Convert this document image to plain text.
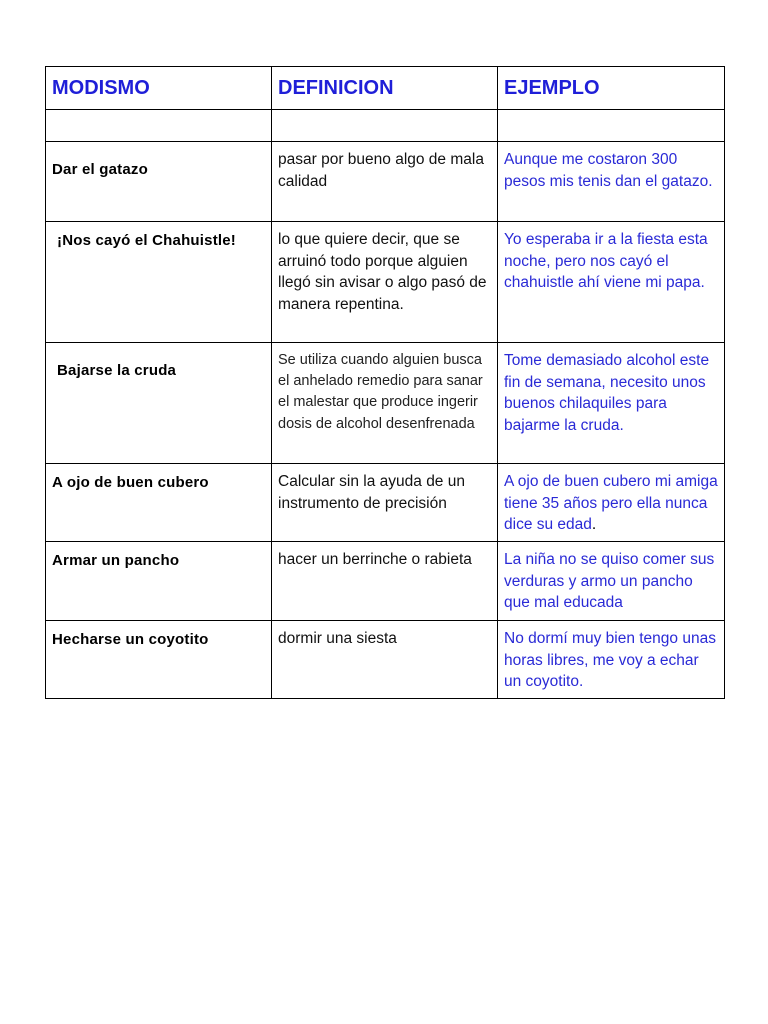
MODISMO	DEFINICION	EJEMPLO

Dar el gatazo	pasar por bueno algo de mala calidad	Aunque me costaron 300 pesos mis tenis dan el gatazo.

¡Nos cayó el Chahuistle!	lo que quiere decir, que se arruinó todo porque alguien llegó sin avisar o algo pasó de manera repentina.	Yo esperaba ir a la fiesta esta noche, pero nos cayó el chahuistle ahí viene mi papa.

Bajarse la cruda	Se utiliza cuando alguien busca el anhelado remedio para sanar el malestar que produce ingerir dosis de alcohol desenfrenada	Tome demasiado alcohol este fin de semana, necesito unos buenos chilaquiles para bajarme la cruda.

A ojo de buen cubero	Calcular sin la ayuda de un instrumento de precisión	A ojo de buen cubero mi amiga tiene 35 años pero ella nunca dice su edad.

Armar un pancho	hacer un berrinche o rabieta	La niña no se quiso comer sus verduras y armo un pancho que mal educada

Hecharse un coyotito	dormir una siesta	No dormí muy bien tengo unas horas libres, me voy a echar un coyotito.
